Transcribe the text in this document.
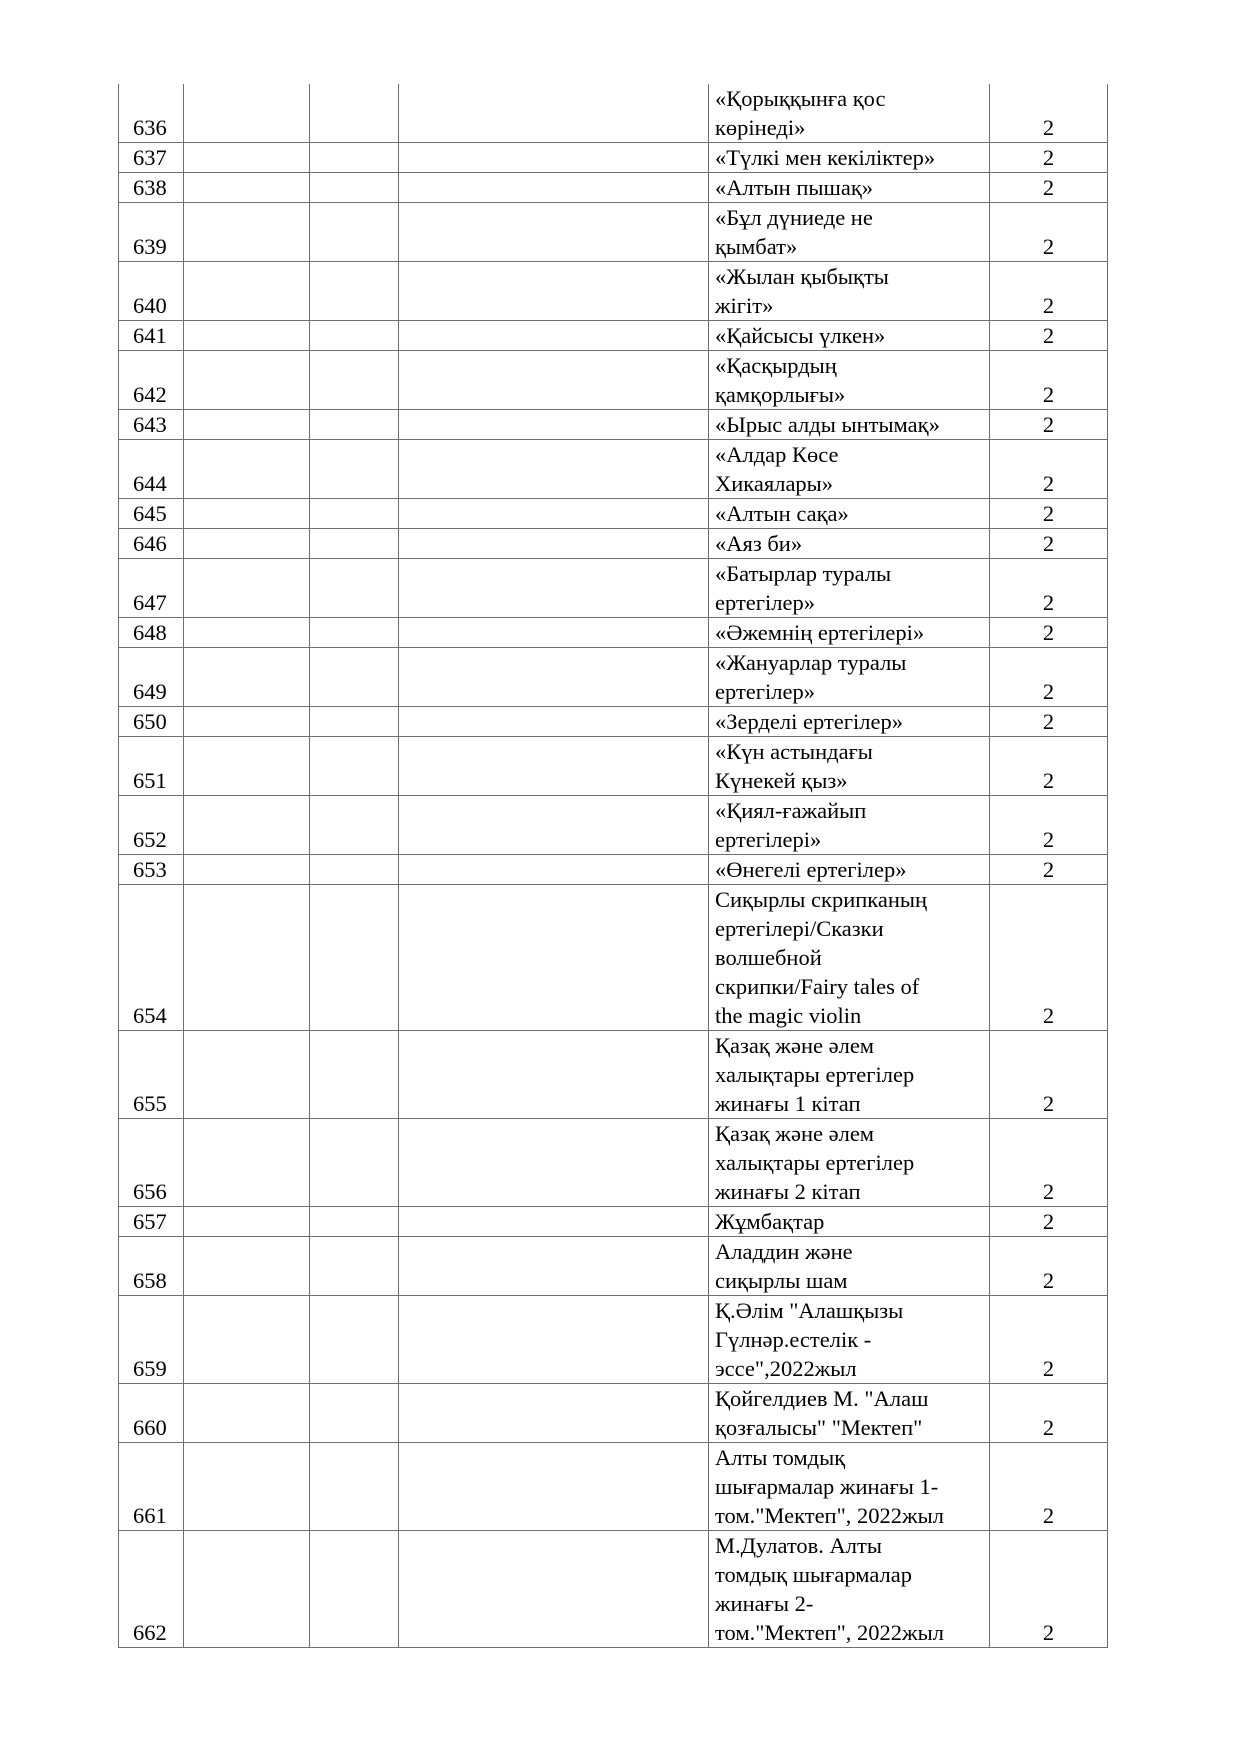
636				«Қорыққынға қос
көрінеді»	2
637				«Түлкі мен кекіліктер»	2
638				«Алтын пышақ»	2
639				«Бұл дүниеде не
қымбат»	2
640				«Жылан қыбықты
жігіт»	2
641				«Қайсысы үлкен»	2
642				«Қасқырдың
қамқорлығы»	2
643				«Ырыс алды ынтымақ»	2
644				«Алдар Көсе
Хикаялары»	2
645				«Алтын сақа»	2
646				«Аяз би»	2
647				«Батырлар туралы
ертегілер»	2
648				«Әжемнің ертегілері»	2
649				«Жануарлар туралы
ертегілер»	2
650				«Зерделі ертегілер»	2
651				«Күн астындағы
Күнекей қыз»	2
652				«Қиял-ғажайып
ертегілері»	2
653				«Өнегелі ертегілер»	2
654				Сиқырлы скрипканың
ертегілері/Сказки
волшебной
скрипки/Fairy tales of
the magic violin	2
655				Қазақ және әлем
халықтары ертегілер
жинағы 1 кітап	2
656				Қазақ және әлем
халықтары ертегілер
жинағы 2 кітап	2
657				Жұмбақтар	2
658				Аладдин және
сиқырлы шам	2
659				Қ.Әлім "Алашқызы
Гүлнәр.естелік -
эссе",2022жыл	2
660				Қойгелдиев М. "Алаш
қозғалысы" "Мектеп"	2
661				Алты томдық
шығармалар жинағы 1-
том."Мектеп", 2022жыл	2
662				М.Дулатов. Алты
томдық шығармалар
жинағы 2-
том."Мектеп", 2022жыл	2
